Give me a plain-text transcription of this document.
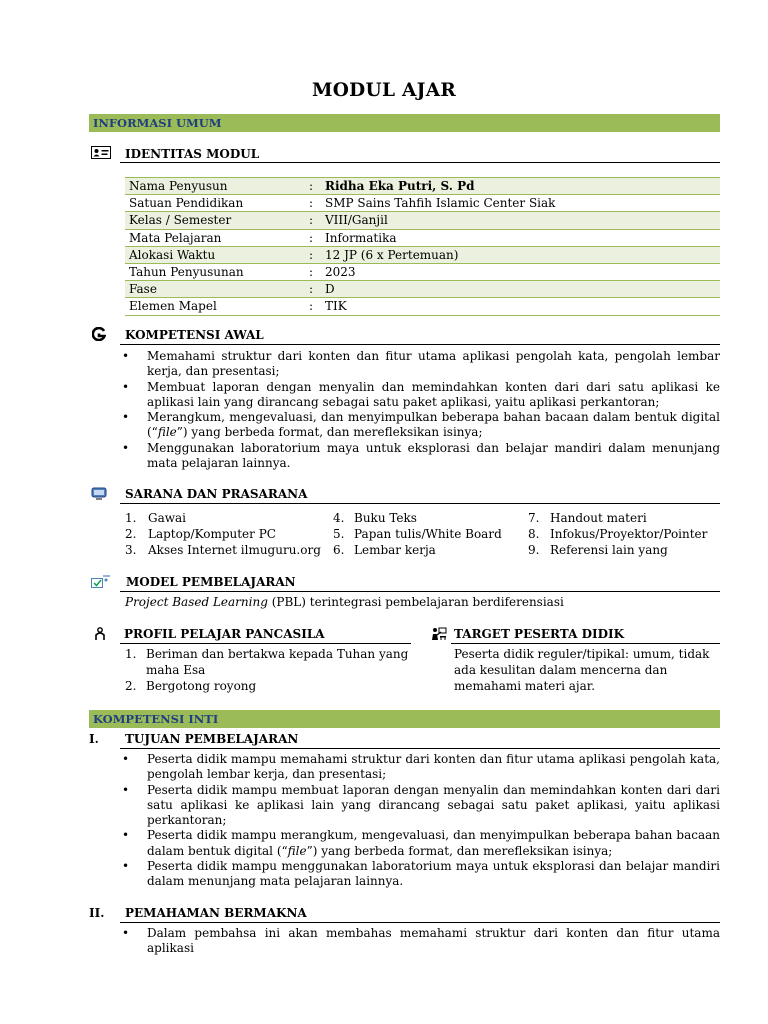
MODUL AJAR
INFORMASI UMUM
IDENTITAS MODUL
Nama Penyusun	:	Ridha Eka Putri, S. Pd
Satuan Pendidikan	:	SMP Sains Tahfih Islamic Center Siak
Kelas / Semester	:	VIII/Ganjil
Mata Pelajaran	:	Informatika
Alokasi Waktu	:	12 JP (6 x Pertemuan)
Tahun Penyusunan	:	2023
Fase	:	D
Elemen Mapel	:	TIK
KOMPETENSI AWAL
• Memahami struktur dari konten dan fitur utama aplikasi pengolah kata, pengolah lembar kerja, dan presentasi;
• Membuat laporan dengan menyalin dan memindahkan konten dari dari satu aplikasi ke aplikasi lain yang dirancang sebagai satu paket aplikasi, yaitu aplikasi perkantoran;
• Merangkum, mengevaluasi, dan menyimpulkan beberapa bahan bacaan dalam bentuk digital (“file”) yang berbeda format, dan merefleksikan isinya;
• Menggunakan laboratorium maya untuk eksplorasi dan belajar mandiri dalam menunjang mata pelajaran lainnya.
SARANA DAN PRASARANA
1. Gawai
2. Laptop/Komputer PC
3. Akses Internet ilmuguru.org
4. Buku Teks
5. Papan tulis/White Board
6. Lembar kerja
7. Handout materi
8. Infokus/Proyektor/Pointer
9. Referensi lain yang
MODEL PEMBELAJARAN
Project Based Learning (PBL) terintegrasi pembelajaran berdiferensiasi
PROFIL PELAJAR PANCASILA
1. Beriman dan bertakwa kepada Tuhan yang
maha Esa
2. Bergotong royong
TARGET PESERTA DIDIK
Peserta didik reguler/tipikal: umum, tidak
ada kesulitan dalam mencerna dan
memahami materi ajar.
KOMPETENSI INTI
I. TUJUAN PEMBELAJARAN
• Peserta didik mampu memahami struktur dari konten dan fitur utama aplikasi pengolah kata, pengolah lembar kerja, dan presentasi;
• Peserta didik mampu membuat laporan dengan menyalin dan memindahkan konten dari dari satu aplikasi ke aplikasi lain yang dirancang sebagai satu paket aplikasi, yaitu aplikasi perkantoran;
• Peserta didik mampu merangkum, mengevaluasi, dan menyimpulkan beberapa bahan bacaan dalam bentuk digital (“file”) yang berbeda format, dan merefleksikan isinya;
• Peserta didik mampu menggunakan laboratorium maya untuk eksplorasi dan belajar mandiri dalam menunjang mata pelajaran lainnya.
II. PEMAHAMAN BERMAKNA
• Dalam pembahsa ini akan membahas memahami struktur dari konten dan fitur utama aplikasi
